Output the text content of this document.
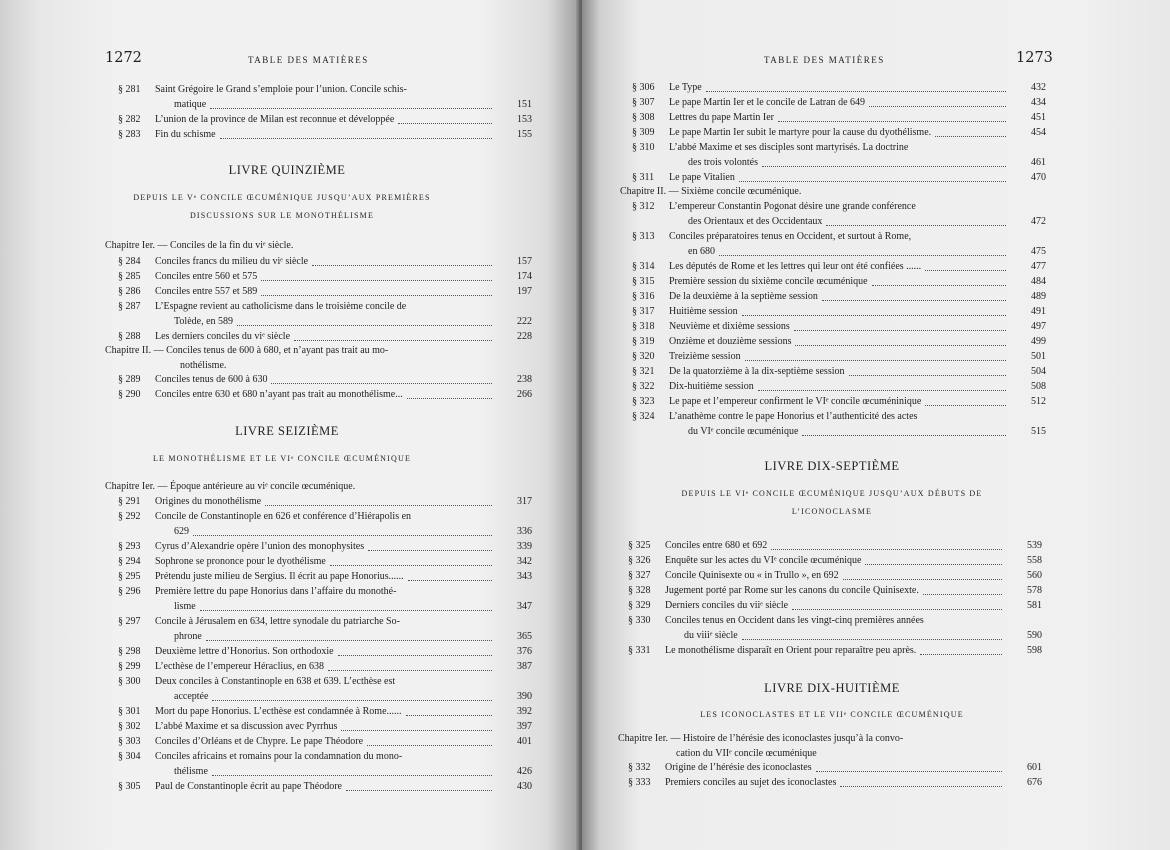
1272	TABLE DES MATIÈRES
§ 281 Saint Grégoire le Grand s’emploie pour l’union. Concile schis-
matique	151
§ 282 L’union de la province de Milan est reconnue et développée	153
§ 283 Fin du schisme	155
LIVRE QUINZIÈME
DEPUIS LE Vᵉ CONCILE ŒCUMÉNIQUE JUSQU’AUX PREMIÈRES
DISCUSSIONS SUR LE MONOTHÉLISME
Chapitre Ier. — Conciles de la fin du viᵉ siècle.
§ 284 Conciles francs du milieu du viᵉ siècle	157
§ 285 Conciles entre 560 et 575	174
§ 286 Conciles entre 557 et 589	197
§ 287 L’Espagne revient au catholicisme dans le troisième concile de
Tolède, en 589	222
§ 288 Les derniers conciles du viᵉ siècle	228
Chapitre II. — Conciles tenus de 600 à 680, et n’ayant pas trait au mo-
nothélisme.
§ 289 Conciles tenus de 600 à 630	238
§ 290 Conciles entre 630 et 680 n’ayant pas trait au monothélisme...	266
LIVRE SEIZIÈME
LE MONOTHÉLISME ET LE VIᵉ CONCILE ŒCUMÉNIQUE
Chapitre Ier. — Époque antérieure au viᵉ concile œcuménique.
§ 291 Origines du monothélisme	317
§ 292 Concile de Constantinople en 626 et conférence d’Hiérapolis en
629	336
§ 293 Cyrus d’Alexandrie opère l’union des monophysites	339
§ 294 Sophrone se prononce pour le dyothélisme	342
§ 295 Prétendu juste milieu de Sergius. Il écrit au pape Honorius......	343
§ 296 Première lettre du pape Honorius dans l’affaire du monothé-
lisme	347
§ 297 Concile à Jérusalem en 634, lettre synodale du patriarche So-
phrone	365
§ 298 Deuxième lettre d’Honorius. Son orthodoxie	376
§ 299 L’ecthèse de l’empereur Héraclius, en 638	387
§ 300 Deux conciles à Constantinople en 638 et 639. L’ecthèse est
acceptée	390
§ 301 Mort du pape Honorius. L’ecthèse est condamnée à Rome......	392
§ 302 L’abbé Maxime et sa discussion avec Pyrrhus	397
§ 303 Conciles d’Orléans et de Chypre. Le pape Théodore	401
§ 304 Conciles africains et romains pour la condamnation du mono-
thélisme	426
§ 305 Paul de Constantinople écrit au pape Théodore	430
TABLE DES MATIÈRES	1273
§ 306 Le Type	432
§ 307 Le pape Martin Ier et le concile de Latran de 649	434
§ 308 Lettres du pape Martin Ier	451
§ 309 Le pape Martin Ier subit le martyre pour la cause du dyothélisme.	454
§ 310 L’abbé Maxime et ses disciples sont martyrisés. La doctrine
des trois volontés	461
§ 311 Le pape Vitalien	470
Chapitre II. — Sixième concile œcuménique.
§ 312 L’empereur Constantin Pogonat désire une grande conférence
des Orientaux et des Occidentaux	472
§ 313 Conciles préparatoires tenus en Occident, et surtout à Rome,
en 680	475
§ 314 Les députés de Rome et les lettres qui leur ont été confiées ......	477
§ 315 Première session du sixième concile œcuménique	484
§ 316 De la deuxième à la septième session	489
§ 317 Huitième session	491
§ 318 Neuvième et dixième sessions	497
§ 319 Onzième et douzième sessions	499
§ 320 Treizième session	501
§ 321 De la quatorzième à la dix-septième session	504
§ 322 Dix-huitième session	508
§ 323 Le pape et l’empereur confirment le VIᵉ concile œcuméninique	512
§ 324 L’anathème contre le pape Honorius et l’authenticité des actes
du VIᵉ concile œcuménique	515
LIVRE DIX-SEPTIÈME
DEPUIS LE VIᵉ CONCILE ŒCUMÉNIQUE JUSQU’AUX DÉBUTS DE
L’ICONOCLASME
§ 325 Conciles entre 680 et 692	539
§ 326 Enquête sur les actes du VIᵉ concile œcuménique	558
§ 327 Concile Quinisexte ou « in Trullo », en 692	560
§ 328 Jugement porté par Rome sur les canons du concile Quinisexte.	578
§ 329 Derniers conciles du viiᵉ siècle	581
§ 330 Conciles tenus en Occident dans les vingt-cinq premières années
du viiiᵉ siècle	590
§ 331 Le monothélisme disparaît en Orient pour reparaître peu après.	598
LIVRE DIX-HUITIÈME
LES ICONOCLASTES ET LE VIIᵉ CONCILE ŒCUMÉNIQUE
Chapitre Ier. — Histoire de l’hérésie des iconoclastes jusqu’à la convo-
cation du VIIᵉ concile œcuménique
§ 332 Origine de l’hérésie des iconoclastes	601
§ 333 Premiers conciles au sujet des iconoclastes	676
